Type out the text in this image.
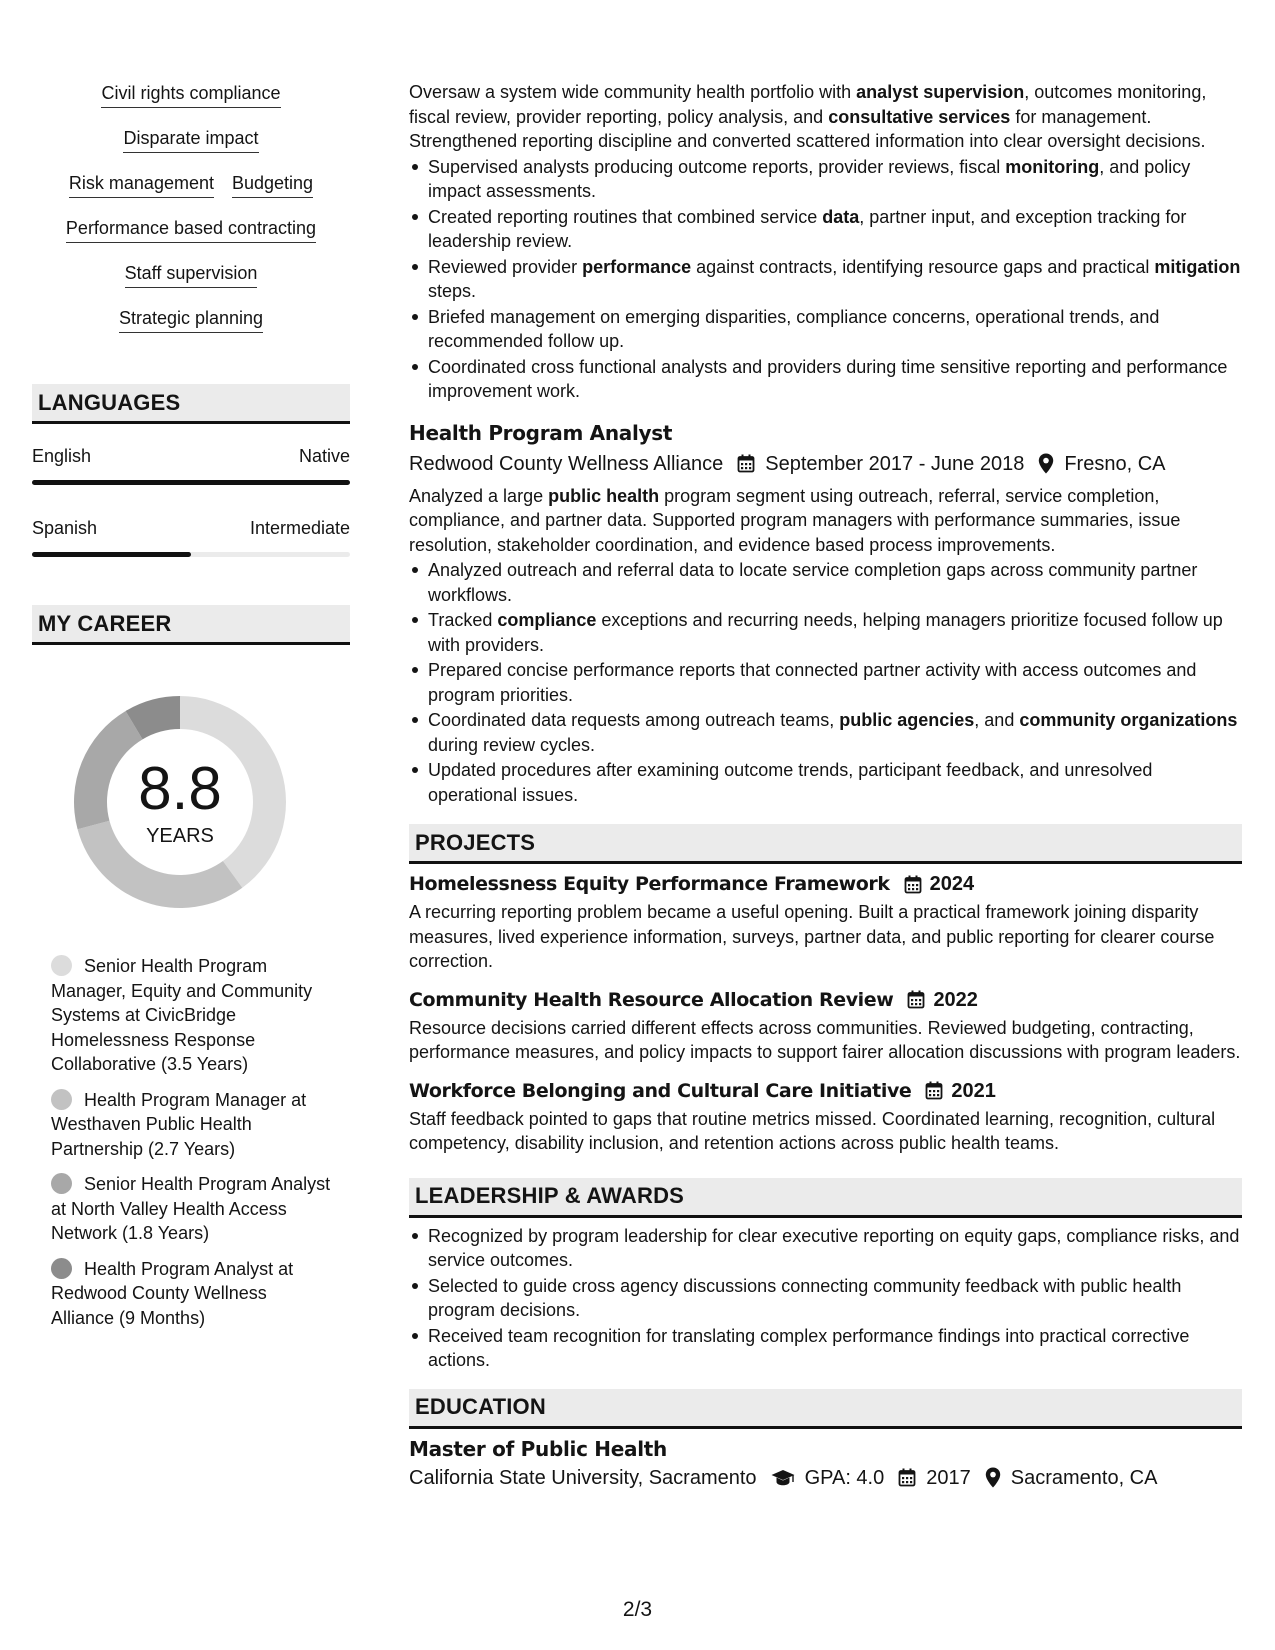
Civil rights compliance
Disparate impact
Risk management Budgeting
Performance based contracting
Staff supervision
Strategic planning
LANGUAGES
English	Native
Spanish	Intermediate
MY CAREER
8.8
YEARS
Senior Health Program Manager, Equity and Community Systems at CivicBridge Homelessness Response Collaborative (3.5 Years)
Health Program Manager at Westhaven Public Health Partnership (2.7 Years)
Senior Health Program Analyst at North Valley Health Access Network (1.8 Years)
Health Program Analyst at Redwood County Wellness Alliance (9 Months)

Oversaw a system wide community health portfolio with analyst supervision, outcomes monitoring, fiscal review, provider reporting, policy analysis, and consultative services for management. Strengthened reporting discipline and converted scattered information into clear oversight decisions.

Supervised analysts producing outcome reports, provider reviews, fiscal monitoring, and policy impact assessments.
Created reporting routines that combined service data, partner input, and exception tracking for leadership review.
Reviewed provider performance against contracts, identifying resource gaps and practical mitigation steps.
Briefed management on emerging disparities, compliance concerns, operational trends, and recommended follow up.
Coordinated cross functional analysts and providers during time sensitive reporting and performance improvement work.
Health Program Analyst
Redwood County Wellness Alliance September 2017 - June 2018 Fresno, CA

Analyzed a large public health program segment using outreach, referral, service completion, compliance, and partner data. Supported program managers with performance summaries, issue resolution, stakeholder coordination, and evidence based process improvements.

Analyzed outreach and referral data to locate service completion gaps across community partner workflows.
Tracked compliance exceptions and recurring needs, helping managers prioritize focused follow up with providers.
Prepared concise performance reports that connected partner activity with access outcomes and program priorities.
Coordinated data requests among outreach teams, public agencies, and community organizations during review cycles.
Updated procedures after examining outcome trends, participant feedback, and unresolved operational issues.
PROJECTS
Homelessness Equity Performance Framework 2024

A recurring reporting problem became a useful opening. Built a practical framework joining disparity measures, lived experience information, surveys, partner data, and public reporting for clearer course correction.

Community Health Resource Allocation Review 2022

Resource decisions carried different effects across communities. Reviewed budgeting, contracting, performance measures, and policy impacts to support fairer allocation discussions with program leaders.

Workforce Belonging and Cultural Care Initiative 2021

Staff feedback pointed to gaps that routine metrics missed. Coordinated learning, recognition, cultural competency, disability inclusion, and retention actions across public health teams.

LEADERSHIP & AWARDS
Recognized by program leadership for clear executive reporting on equity gaps, compliance risks, and service outcomes.
Selected to guide cross agency discussions connecting community feedback with public health program decisions.
Received team recognition for translating complex performance findings into practical corrective actions.
EDUCATION
Master of Public Health
California State University, Sacramento GPA: 4.0 2017 Sacramento, CA
2/3
